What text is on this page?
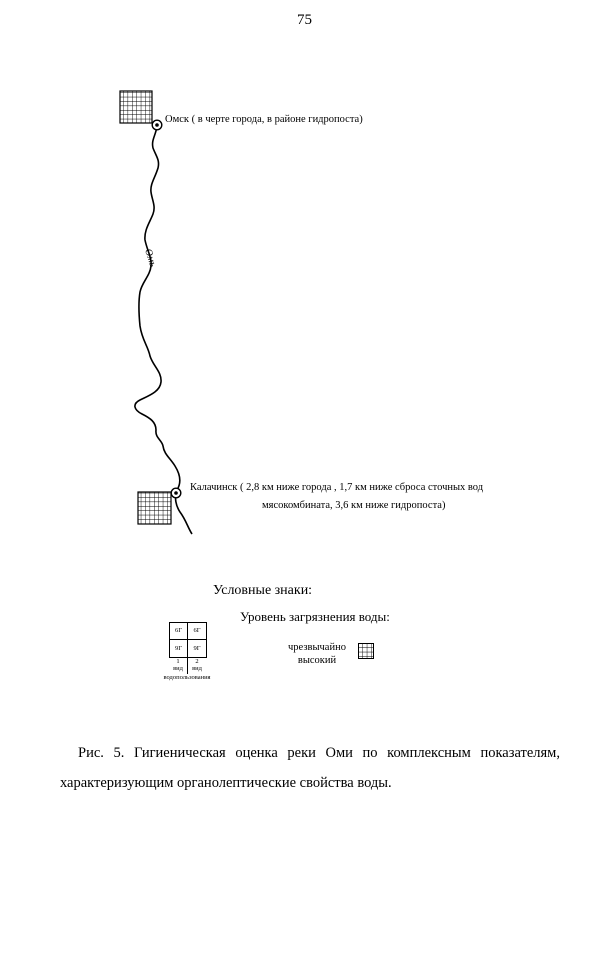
75
Омь
Омск ( в черте города, в районе гидропоста)
Калачинск ( 2,8 км ниже города , 1,7 км ниже сброса сточных вод
мясокомбината, 3,6 км ниже гидропоста)
Условные знаки:
Уровень загрязнения воды:
6Г	6Г
9Г	9Г
1	2
вид	вид
водопользования
чрезвычайно высокий
Рис. 5. Гигиеническая оценка реки Оми по комплексным показателям, характеризующим органолептические свойства воды.
